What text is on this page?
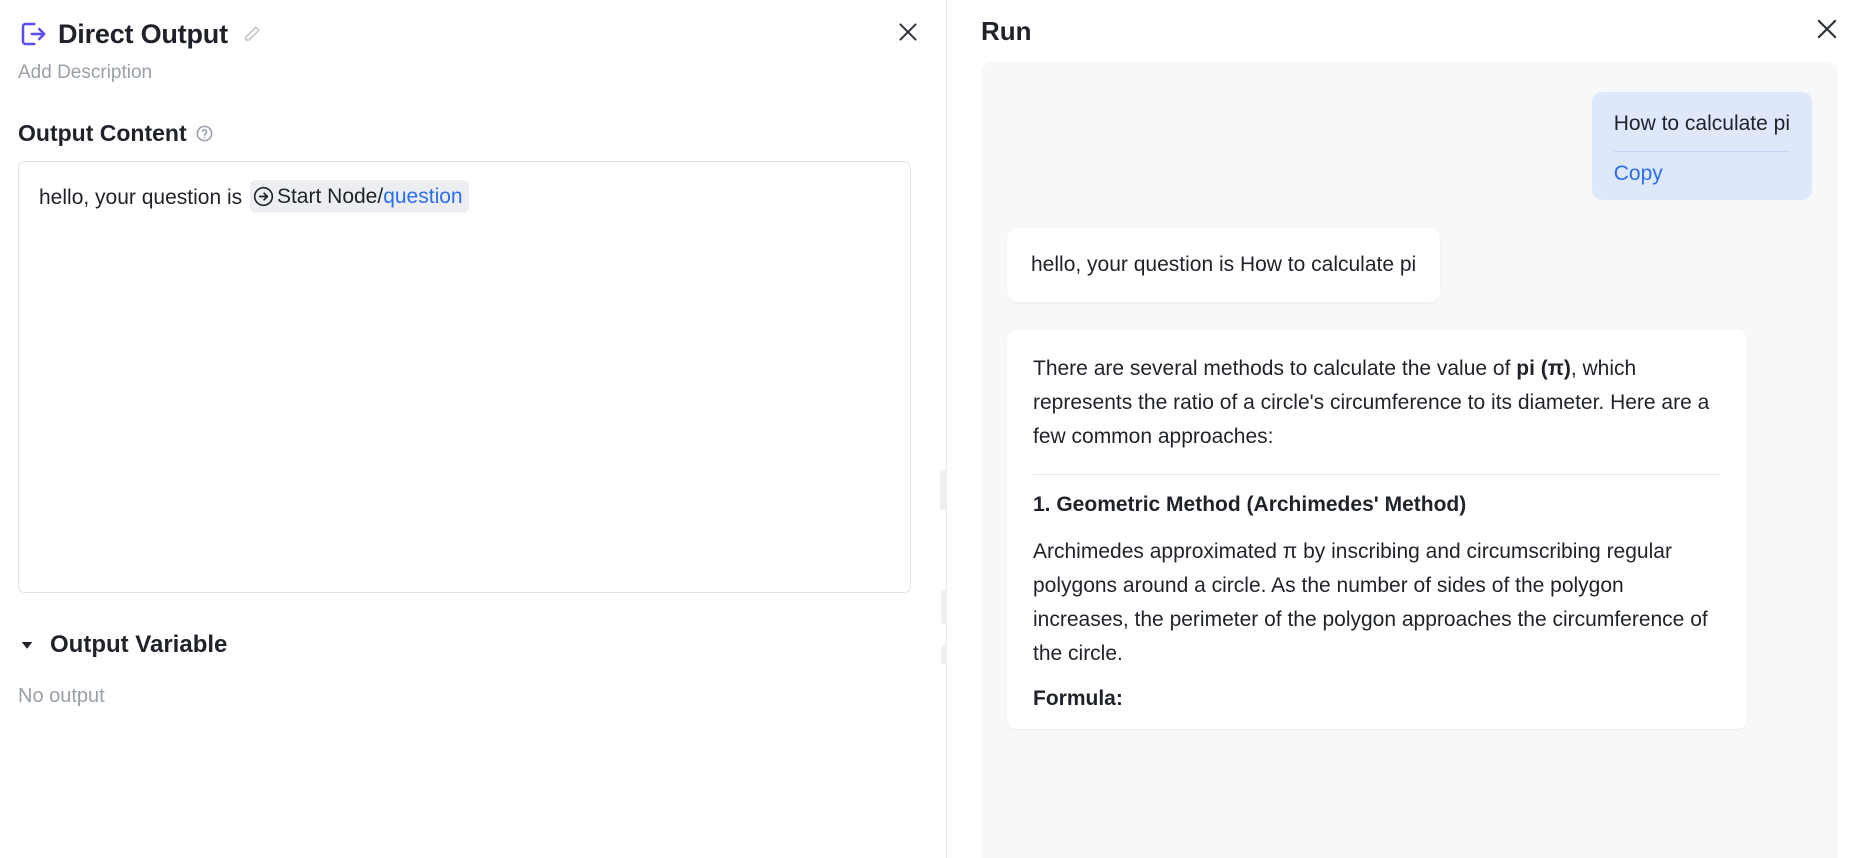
Direct Output
Add Description
Output Content
hello, your question is Start Node / question
Output Variable
No output
Run
How to calculate pi
Copy
hello, your question is How to calculate pi

There are several methods to calculate the value of pi (π), which represents the ratio of a circle's circumference to its diameter. Here are a few common approaches:

1. Geometric Method (Archimedes' Method)

Archimedes approximated π by inscribing and circumscribing regular polygons around a circle. As the number of sides of the polygon increases, the perimeter of the polygon approaches the circumference of the circle.

Formula:
